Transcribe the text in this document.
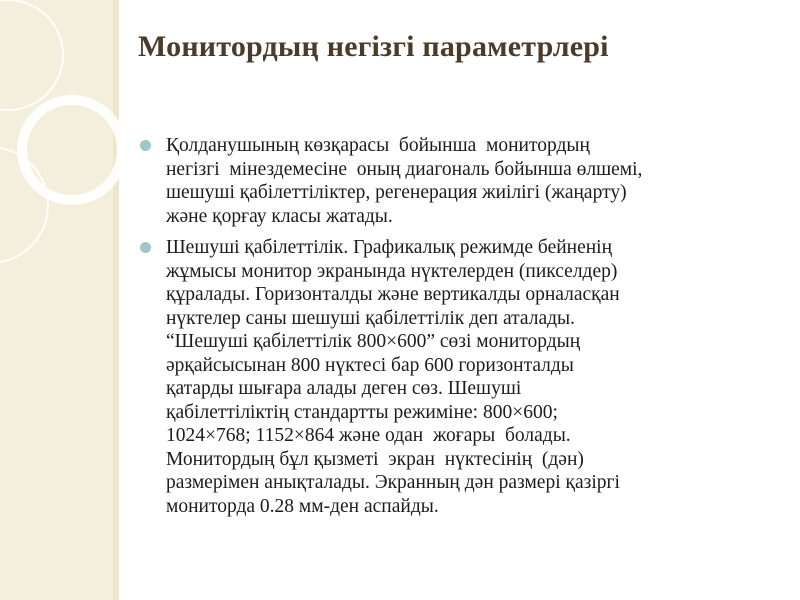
Монитордың негізгі параметрлері
Қолданушының көзқарасы  бойынша  монитордың
негізгі  мінездемесіне  оның диагональ бойынша өлшемі,
шешуші қабілеттіліктер, регенерация жиілігі (жаңарту)
және қорғау класы жатады.
Шешуші қабілеттілік. Графикалық режимде бейненің
жұмысы монитор экранында нүктелерден (пикселдер)
құралады. Горизонталды және вертикалды орналасқан
нүктелер саны шешуші қабілеттілік деп аталады.
“Шешуші қабілеттілік 800×600” сөзі монитордың
әрқайсысынан 800 нүктесі бар 600 горизонталды
қатарды шығара алады деген сөз. Шешуші
қабілеттіліктің стандартты режиміне: 800×600;
1024×768; 1152×864 және одан  жоғары  болады.
Монитордың бұл қызметі  экран  нүктесінің  (дән)
размерімен анықталады. Экранның дән размері қазіргі
мониторда 0.28 мм-ден аспайды.
